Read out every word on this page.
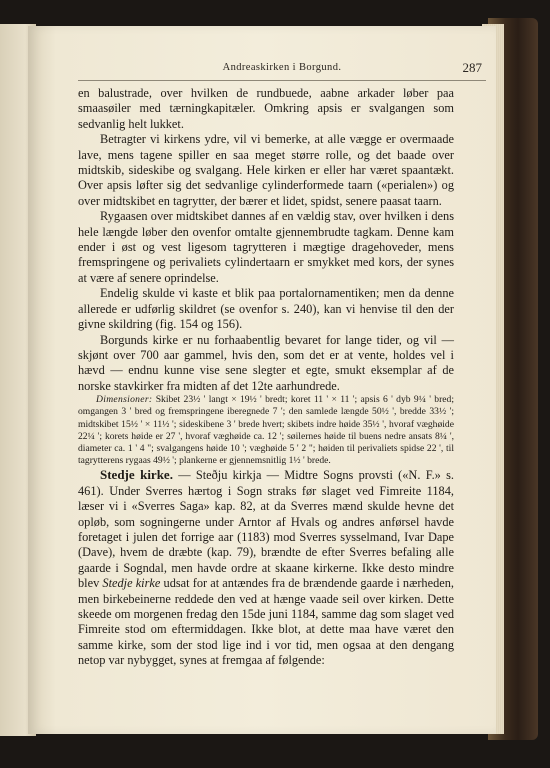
Andreaskirken i Borgund.	287

en balustrade, over hvilken de rundbuede, aabne arkader løber paa smaasøiler med tærningkapitæler. Omkring apsis er svalgangen som sedvanlig helt lukket.

Betragter vi kirkens ydre, vil vi bemerke, at alle vægge er overmaade lave, mens tagene spiller en saa meget større rolle, og det baade over midtskib, sideskibe og svalgang. Hele kirken er eller har været spaantækt. Over apsis løfter sig det sedvanlige cylinderformede taarn («perialen») og over midtskibet en tagrytter, der bærer et lidet, spidst, senere paasat taarn.

Rygaasen over midtskibet dannes af en vældig stav, over hvilken i dens hele længde løber den ovenfor omtalte gjennembrudte tagkam. Denne kam ender i øst og vest ligesom tagrytteren i mægtige dragehoveder, mens fremspringene og perivaliets cylindertaarn er smykket med kors, der synes at være af senere oprindelse.

Endelig skulde vi kaste et blik paa portalornamentiken; men da denne allerede er udførlig skildret (se ovenfor s. 240), kan vi henvise til den der givne skildring (fig. 154 og 156).

Borgunds kirke er nu forhaabentlig bevaret for lange tider, og vil — skjønt over 700 aar gammel, hvis den, som det er at vente, holdes vel i hævd — endnu kunne vise sene slegter et egte, smukt eksemplar af de norske stavkirker fra midten af det 12te aarhundrede.

Dimensioner: Skibet 23½ ' langt × 19½ ' bredt; koret 11 ' × 11 '; apsis 6 ' dyb 9¼ ' bred; omgangen 3 ' bred og fremspringene iberegnede 7 '; den samlede længde 50½ ', bredde 33½ '; midtskibet 15½ ' × 11½ '; sideskibene 3 ' brede hvert; skibets indre høide 35½ ', hvoraf væghøide 22¼ '; korets høide er 27 ', hvoraf væghøide ca. 12 '; søilernes høide til buens nedre ansats 8¼ ', diameter ca. 1 ' 4 "; svalgangens høide 10 '; væghøide 5 ' 2 "; høiden til perivaliets spidse 22 ', til tagrytterens rygaas 49½ '; plankerne er gjennemsnitlig 1½ ' brede.

Stedje kirke. — Steðju kirkja — Midtre Sogns provsti («N. F.» s. 461). Under Sverres hærtog i Sogn straks før slaget ved Fimreite 1184, læser vi i «Sverres Saga» kap. 82, at da Sverres mænd skulde hevne det opløb, som sogningerne under Arntor af Hvals og andres anførsel havde foretaget i julen det forrige aar (1183) mod Sverres sysselmand, Ivar Dape (Dave), hvem de dræbte (kap. 79), brændte de efter Sverres befaling alle gaarde i Sogndal, men havde ordre at skaane kirkerne. Ikke desto mindre blev Stedje kirke udsat for at antændes fra de brændende gaarde i nærheden, men birkebeinerne reddede den ved at hænge vaade seil over kirken. Dette skeede om morgenen fredag den 15de juni 1184, samme dag som slaget ved Fimreite stod om eftermiddagen. Ikke blot, at dette maa have været den samme kirke, som der stod lige ind i vor tid, men ogsaa at den dengang netop var nybygget, synes at fremgaa af følgende:
